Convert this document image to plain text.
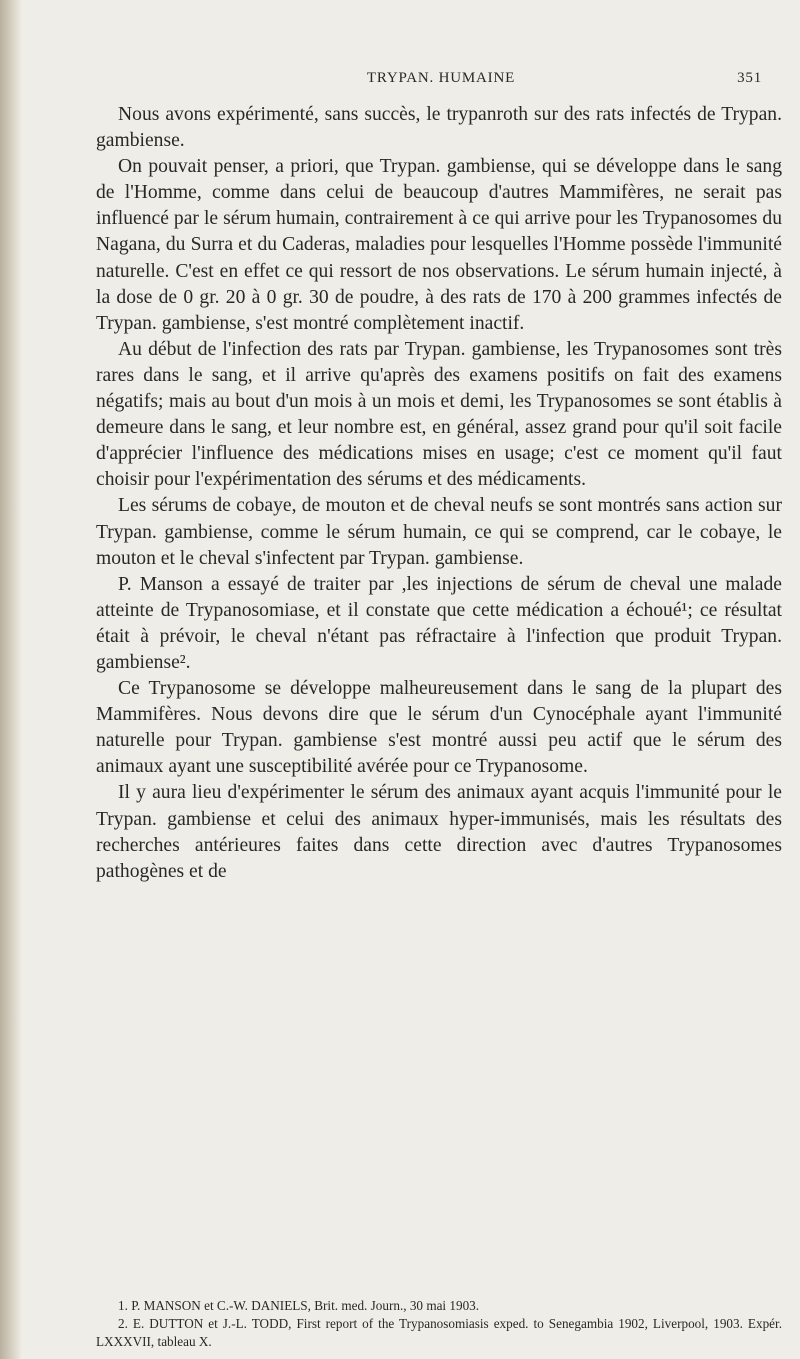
TRYPAN. HUMAINE	351

Nous avons expérimenté, sans succès, le trypanroth sur des rats infectés de Trypan. gambiense.

On pouvait penser, a priori, que Trypan. gambiense, qui se développe dans le sang de l'Homme, comme dans celui de beaucoup d'autres Mammifères, ne serait pas influencé par le sérum humain, contrairement à ce qui arrive pour les Trypanosomes du Nagana, du Surra et du Caderas, maladies pour lesquelles l'Homme possède l'immunité naturelle. C'est en effet ce qui ressort de nos observations. Le sérum humain injecté, à la dose de 0 gr. 20 à 0 gr. 30 de poudre, à des rats de 170 à 200 grammes infectés de Trypan. gambiense, s'est montré complètement inactif.

Au début de l'infection des rats par Trypan. gambiense, les Trypanosomes sont très rares dans le sang, et il arrive qu'après des examens positifs on fait des examens négatifs; mais au bout d'un mois à un mois et demi, les Trypanosomes se sont établis à demeure dans le sang, et leur nombre est, en général, assez grand pour qu'il soit facile d'apprécier l'influence des médications mises en usage; c'est ce moment qu'il faut choisir pour l'expérimentation des sérums et des médicaments.

Les sérums de cobaye, de mouton et de cheval neufs se sont montrés sans action sur Trypan. gambiense, comme le sérum humain, ce qui se comprend, car le cobaye, le mouton et le cheval s'infectent par Trypan. gambiense.

P. Manson a essayé de traiter par ,les injections de sérum de cheval une malade atteinte de Trypanosomiase, et il constate que cette médication a échoué¹; ce résultat était à prévoir, le cheval n'étant pas réfractaire à l'infection que produit Trypan. gambiense².

Ce Trypanosome se développe malheureusement dans le sang de la plupart des Mammifères. Nous devons dire que le sérum d'un Cynocéphale ayant l'immunité naturelle pour Trypan. gambiense s'est montré aussi peu actif que le sérum des animaux ayant une susceptibilité avérée pour ce Trypanosome.

Il y aura lieu d'expérimenter le sérum des animaux ayant acquis l'immunité pour le Trypan. gambiense et celui des animaux hyper-immunisés, mais les résultats des recherches antérieures faites dans cette direction avec d'autres Trypanosomes pathogènes et de

1. P. MANSON et C.-W. DANIELS, Brit. med. Journ., 30 mai 1903.

2. E. DUTTON et J.-L. TODD, First report of the Trypanosomiasis exped. to Senegambia 1902, Liverpool, 1903. Expér. LXXXVII, tableau X.
